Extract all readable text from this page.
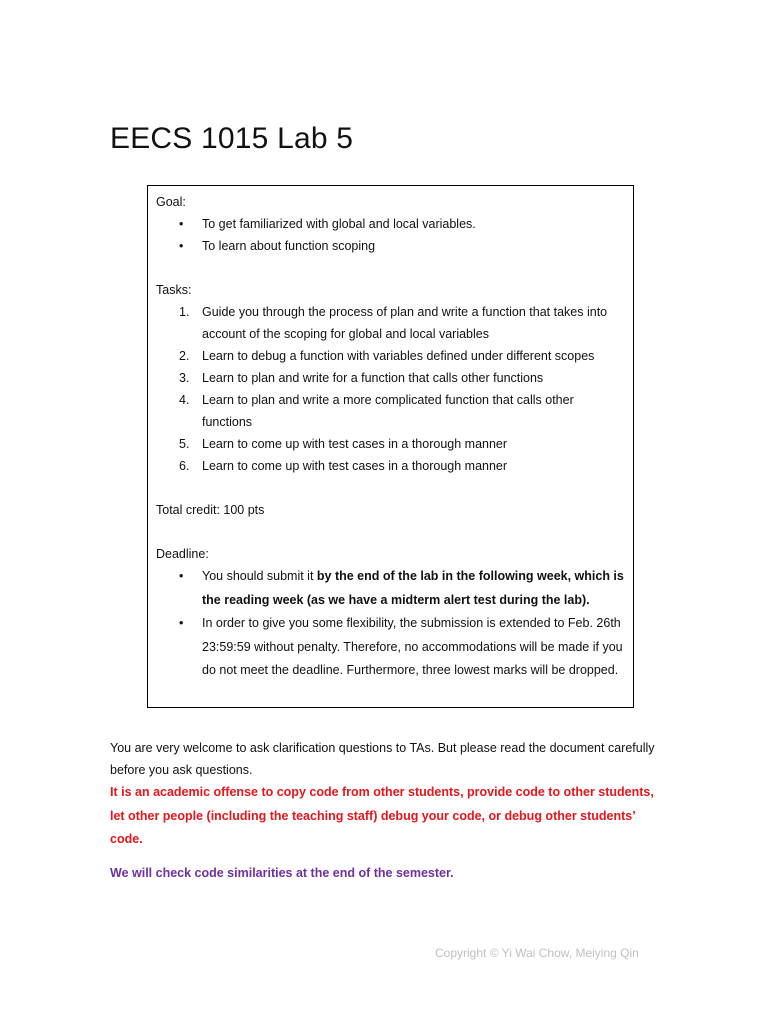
EECS 1015 Lab 5

Goal:

• To get familiarized with global and local variables.
• To learn about function scoping

Tasks:

1. Guide you through the process of plan and write a function that takes into account of the scoping for global and local variables
2. Learn to debug a function with variables defined under different scopes
3. Learn to plan and write for a function that calls other functions
4. Learn to plan and write a more complicated function that calls other functions
5. Learn to come up with test cases in a thorough manner
6. Learn to come up with test cases in a thorough manner

Total credit: 100 pts

Deadline:

• You should submit it by the end of the lab in the following week, which is the reading week (as we have a midterm alert test during the lab).
• In order to give you some flexibility, the submission is extended to Feb. 26th 23:59:59 without penalty. Therefore, no accommodations will be made if you do not meet the deadline. Furthermore, three lowest marks will be dropped.

You are very welcome to ask clarification questions to TAs. But please read the document carefully before you ask questions.

It is an academic offense to copy code from other students, provide code to other students, let other people (including the teaching staff) debug your code, or debug other students’ code.

We will check code similarities at the end of the semester.

Copyright © Yi Wai Chow, Meiying Qin
